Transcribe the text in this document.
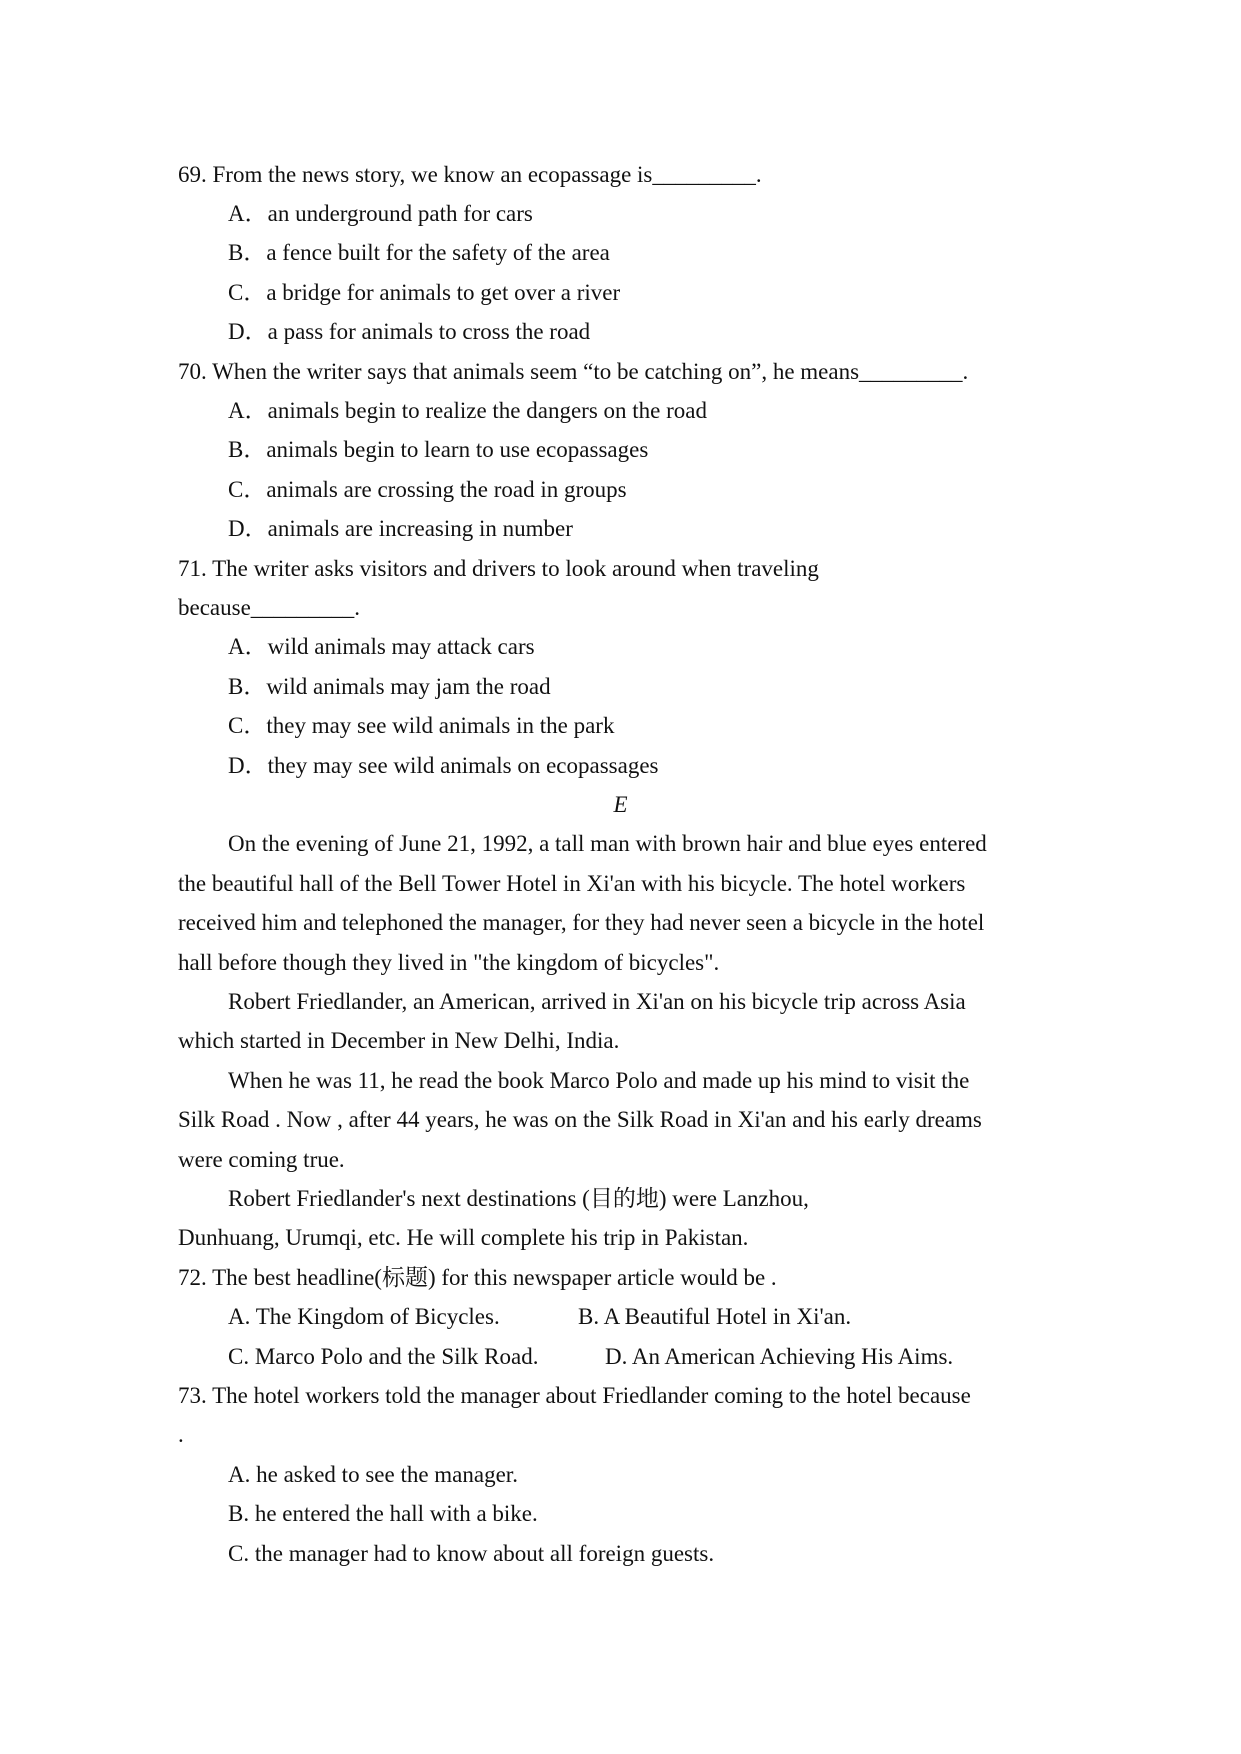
69. From the news story, we know an ecopassage is_________.
A．an underground path for cars
B．a fence built for the safety of the area
C．a bridge for animals to get over a river
D．a pass for animals to cross the road
70. When the writer says that animals seem “to be catching on”, he means_________.
A．animals begin to realize the dangers on the road
B．animals begin to learn to use ecopassages
C．animals are crossing the road in groups
D．animals are increasing in number
71. The writer asks visitors and drivers to look around when traveling
because_________.
A．wild animals may attack cars
B．wild animals may jam the road
C．they may see wild animals in the park
D．they may see wild animals on ecopassages
E
On the evening of June 21, 1992, a tall man with brown hair and blue eyes entered
the beautiful hall of the Bell Tower Hotel in Xi'an with his bicycle. The hotel workers
received him and telephoned the manager, for they had never seen a bicycle in the hotel
hall before though they lived in "the kingdom of bicycles".
Robert Friedlander, an American, arrived in Xi'an on his bicycle trip across Asia
which started in December in New Delhi, India.
When he was 11, he read the book Marco Polo and made up his mind to visit the
Silk Road . Now , after 44 years, he was on the Silk Road in Xi'an and his early dreams
were coming true.
Robert Friedlander's next destinations (目的地) were Lanzhou,
Dunhuang, Urumqi, etc. He will complete his trip in Pakistan.
72. The best headline(标题) for this newspaper article would be .
A. The Kingdom of Bicycles.	B. A Beautiful Hotel in Xi'an.
C. Marco Polo and the Silk Road.	D. An American Achieving His Aims.
73. The hotel workers told the manager about Friedlander coming to the hotel because
.
A. he asked to see the manager.
B. he entered the hall with a bike.
C. the manager had to know about all foreign guests.
